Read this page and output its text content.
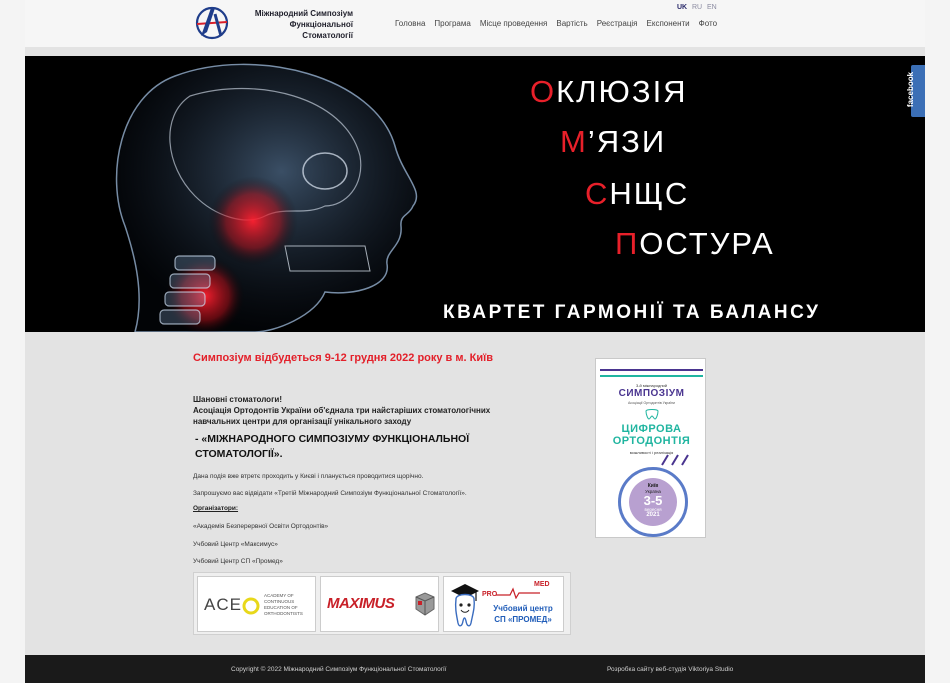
Міжнародний Симпозіум
Функціональної
Стоматології
UK RU EN
Головна Програма Місце проведення Вартість Реєстрація Експоненти Фото
ОКЛЮЗІЯ
М’ЯЗИ
СНЩС
ПОСТУРА
КВАРТЕТ ГАРМОНІЇ ТА БАЛАНСУ
facebook
Симпозіум відбудеться 9-12 грудня 2022 року в м. Київ
Шановні стоматологи!
Асоціація Ортодонтів України об'єднала три найстаріших стоматологічних
навчальних центри для організації унікального заходу
- «МІЖНАРОДНОГО СИМПОЗІУМУ ФУНКЦІОНАЛЬНОЇ СТОМАТОЛОГІЇ».
Дана подія вже втретє проходить у Києві і планується проводитися щорічно.
Запрошуємо вас відвідати «Третій Міжнародний Симпозіум Функціональної Стоматології».
Організатори:
«Академія Безперервної Освіти Ортодонтів»
Учбовий Центр «Максимус»
Учбовий Центр СП «Промед»
ACE	ACADEMY OF
CONTINUOUS
EDUCATION OF
ORTHODONTISTS
MAXIMUS
PRO
MED
Учбовий центр
СП «ПРОМЕД»
3-й міжнародний
СИМПОЗІУМ
Асоціації Ортодонтів України
ЦИФРОВА
ОРТОДОНТІЯ
можливості і реалізація
Київ
Україна
3-5
вересня
2021
Copyright © 2022 Міжнародний Симпозіум Функціональної Стоматології	Розробка сайту веб-студія Viktoriya Studio
